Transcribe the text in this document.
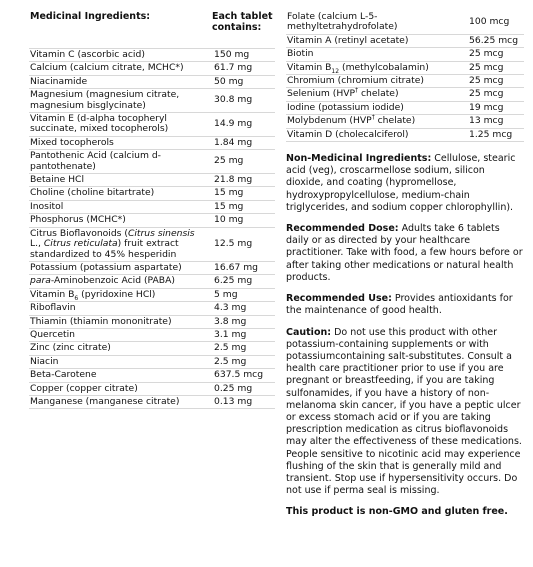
Medicinal Ingredients:	Each tablet contains:
Vitamin C (ascorbic acid)	150 mg
Calcium (calcium citrate, MCHC*)	61.7 mg
Niacinamide	50 mg
Magnesium (magnesium citrate, magnesium bisglycinate)	30.8 mg
Vitamin E (d-alpha tocopheryl succinate, mixed tocopherols)	14.9 mg
Mixed tocopherols	1.84 mg
Pantothenic Acid (calcium d-pantothenate)	25 mg
Betaine HCl	21.8 mg
Choline (choline bitartrate)	15 mg
Inositol	15 mg
Phosphorus (MCHC*)	10 mg
Citrus Bioflavonoids (Citrus sinensis L., Citrus reticulata) fruit extract standardized to 45% hesperidin	12.5 mg
Potassium (potassium aspartate)	16.67 mg
para-Aminobenzoic Acid (PABA)	6.25 mg
Vitamin $B_6$ (pyridoxine HCl)	5 mg
Riboflavin	4.3 mg
Thiamin (thiamin mononitrate)	3.8 mg
Quercetin	3.1 mg
Zinc (zinc citrate)	2.5 mg
Niacin	2.5 mg
Beta-Carotene	637.5 mcg
Copper (copper citrate)	0.25 mg
Manganese (manganese citrate)	0.13 mg
Folate (calcium L-5-methyltetrahydrofolate)	100 mcg
Vitamin A (retinyl acetate)	56.25 mcg
Biotin	25 mcg
Vitamin $B_{12}$ (methylcobalamin)	25 mcg
Chromium (chromium citrate)	25 mcg
Selenium (HVP† chelate)	25 mcg
Iodine (potassium iodide)	19 mcg
Molybdenum (HVP† chelate)	13 mcg
Vitamin D (cholecalciferol)	1.25 mcg

Non-Medicinal Ingredients: Cellulose, stearic acid (veg), croscarmellose sodium, silicon dioxide, and coating (hypromellose, hydroxypropylcellulose, medium-chain triglycerides, and sodium copper chlorophyllin).

Recommended Dose: Adults take 6 tablets daily or as directed by your healthcare practitioner. Take with food, a few hours before or after taking other medications or natural health products.

Recommended Use: Provides antioxidants for the maintenance of good health.

Caution: Do not use this product with other potassium-containing supplements or with potassiumcontaining salt-substitutes. Consult a health care practitioner prior to use if you are pregnant or breastfeeding, if you are taking sulfonamides, if you have a history of non-melanoma skin cancer, if you have a peptic ulcer or excess stomach acid or if you are taking prescription medication as citrus bioflavonoids may alter the effectiveness of these medications. People sensitive to nicotinic acid may experience flushing of the skin that is generally mild and transient. Stop use if hypersensitivity occurs. Do not use if perma seal is missing.

This product is non-GMO and gluten free.
